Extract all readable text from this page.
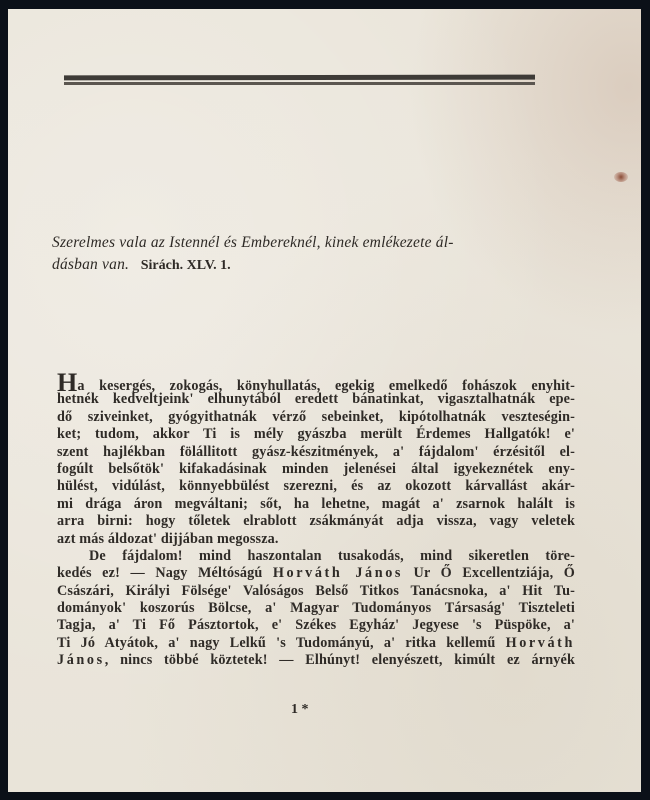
Szerelmes vala az Istennél és Embereknél, kinek emlékezete ál-
dásban van. Sirách. XLV. 1.
Ha kesergés, zokogás, könyhullatás, egekig emelkedő fohászok enyhit-
hetnék kedveltjeink' elhunytából eredett bánatinkat, vigasztalhatnák epe-
dő sziveinket, gyógyithatnák vérző sebeinket, kipótolhatnák veszteségin-
ket; tudom, akkor Ti is mély gyászba merült Érdemes Hallgatók! e'
szent hajlékban fölállitott gyász-készitmények, a' fájdalom' érzésitől el-
fogúlt belsőtök' kifakadásinak minden jelenései által igyekeznétek eny-
hülést, vidúlást, könnyebbülést szerezni, és az okozott kárvallást akár-
mi drága áron megváltani; sőt, ha lehetne, magát a' zsarnok halált is
arra birni: hogy tőletek elrablott zsákmányát adja vissza, vagy veletek
azt más áldozat' dijjában megossza.
De fájdalom! mind haszontalan tusakodás, mind sikeretlen töre-
kedés ez! — Nagy Méltóságú Horváth János Ur Ő Excellentziája, Ő
Császári, Királyi Fölsége' Valóságos Belső Titkos Tanácsnoka, a' Hit Tu-
dományok' koszorús Bölcse, a' Magyar Tudományos Társaság' Tiszteleti
Tagja, a' Ti Fő Pásztortok, e' Székes Egyház' Jegyese 's Püspöke, a'
Ti Jó Atyátok, a' nagy Lelkű 's Tudományú, a' ritka kellemű Horváth
János, nincs többé köztetek! — Elhúnyt! elenyészett, kimúlt ez árnyék
1 *
